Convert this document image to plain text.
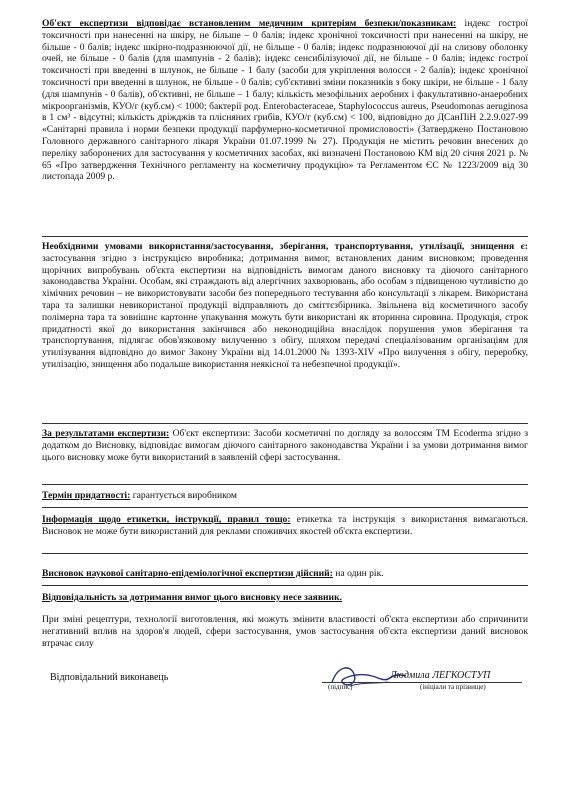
Об'єкт експертизи відповідає встановленим медичним критеріям безпеки/показникам: індекс гострої токсичності при нанесенні на шкіру, не більше – 0 балів; індекс хронічної токсичності при нанесенні на шкіру, не більше - 0 балів; індекс шкірно-подразнюючої дії, не більше - 0 балів; індекс подразнюючої дії на слизову оболонку очей, не більше - 0 балів (для шампунів - 2 балів); індекс сенсибілізуючої дії, не більше - 0 балів; індекс гострої токсичності при введенні в шлунок, не більше - 1 балу (засоби для укріплення волосся - 2 балів); індекс хронічної токсичності при введенні в шлунок, не більше - 0 балів; суб'єктивні зміни показників з боку шкіри, не більше - 1 балу (для шампунів - 0 балів), об'єктивні, не більше – 1 балу; кількість мезофільних аеробних і факультативно-анаеробних мікроорганізмів, КУО/г (куб.см) < 1000; бактерії род. Enterobacteraceae, Staphylococcus aureus, Pseudomonas aeruginosa в 1 см³ - відсутні; кількість дріжджів та плісняних грибів, КУО/г (куб.см) < 100, відповідно до ДСанПіН 2.2.9.027-99 «Санітарні правила і норми безпеки продукції парфумерно-косметичної промисловості» (Затверджено Постановою Головного державного санітарного лікаря України 01.07.1999 № 27). Продукція не містить речовин внесених до переліку заборонених для застосування у косметичних засобах, які визначені Постановою КМ від 20 січня 2021 р. № 65 «Про затвердження Технічного регламенту на косметичну продукцію» та Регламентом ЄС № 1223/2009 від 30 листопада 2009 р.
Необхідними умовами використання/застосування, зберігання, транспортування, утилізації, знищення є: застосування згідно з інструкцією виробника; дотримання вимог, встановлених даним висновком; проведення щорічних випробувань об'єкта експертизи на відповідність вимогам даного висновку та діючого санітарного законодавства України. Особам, які страждають від алергічних захворювань, або особам з підвищеною чутливістю до хімічних речовин – не використовувати засоби без попереднього тестування або консультації з лікарем. Використана тара та залишки невикористаної продукції відправляють до сміттєзбірника. Звільнена від косметичного засобу полімерна тара та зовнішнє картонне упакування можуть бути використані як вторинна сировина. Продукція, строк придатності якої до використання закінчився або неконодиційна внаслідок порушення умов зберігання та транспортування, підлягає обов'язковому вилученню з обігу, шляхом передачі спеціалізованим організаціям для утилізування відповідно до вимог Закону України від 14.01.2000 № 1393-XIV «Про вилучення з обігу, переробку, утилізацію, знищення або подальше використання неякісної та небезпечної продукції».
За результатами експертизи: Об'єкт експертизи: Засоби косметичні по догляду за волоссям ТМ Ecoderma згідно з додатком до Висновку, відповідає вимогам діючого санітарного законодавства України і за умови дотримання вимог цього висновку може бути використаний в заявленій сфері застосування.
Термін придатності: гарантується виробником
Інформація щодо етикетки, інструкції, правил тощо: етикетка та інструкція з використання вимагаються. Висновок не може бути використаний для реклами споживчих якостей об'єкта експертизи.
Висновок наукової санітарно-епідеміологічної експертизи дійсний: на один рік.
Відповідальність за дотримання вимог цього висновку несе заявник.
При зміні рецептури, технології виготовлення, які можуть змінити властивості об'єкта експертизи або спричинити негативний вплив на здоров'я людей, сфери застосування, умов застосування об'єкта експертизи даний висновок втрачає силу
Відповідальний виконавець	Людмила ЛЕГКОСТУП
(підпис)	(ініціали та прізвище)
